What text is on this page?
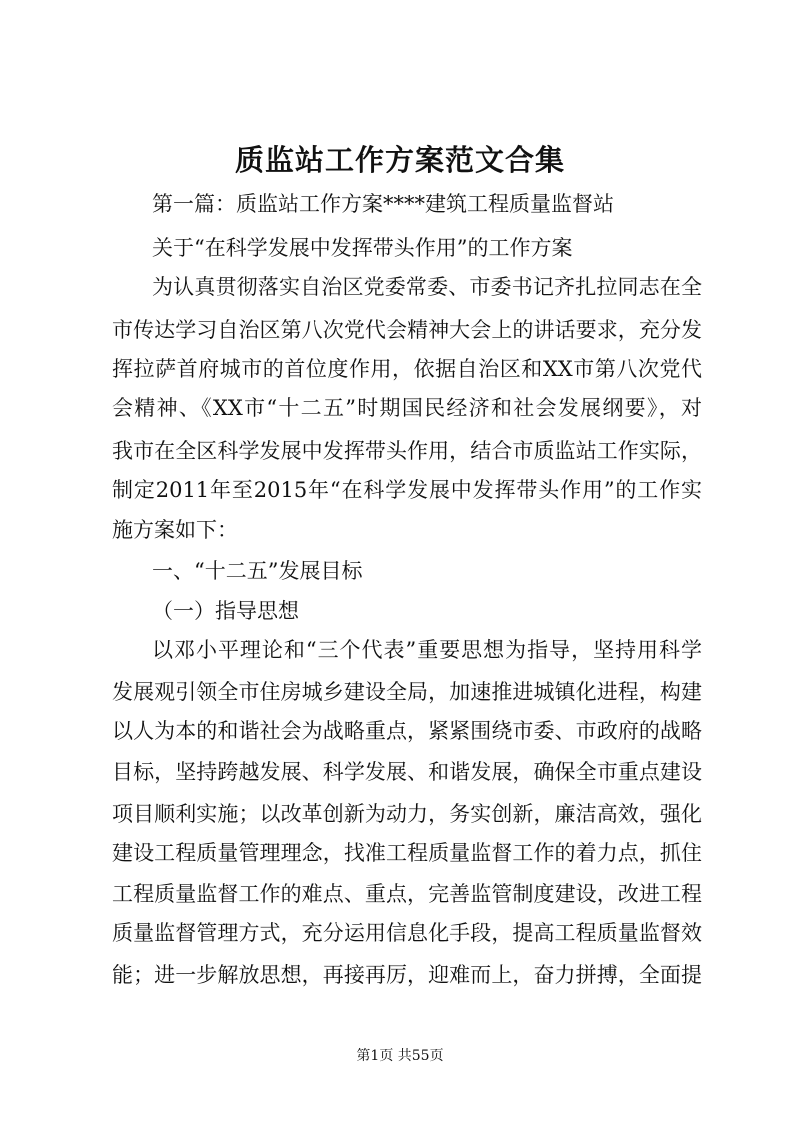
质监站工作方案范文合集
第一篇：质监站工作方案****建筑工程质量监督站
关于“在科学发展中发挥带头作用”的工作方案
为认真贯彻落实自治区党委常委、市委书记齐扎拉同志在全
市传达学习自治区第八次党代会精神大会上的讲话要求，充分发
挥拉萨首府城市的首位度作用，依据自治区和XX市第八次党代
会精神、《XX市“十二五”时期国民经济和社会发展纲要》，对
我市在全区科学发展中发挥带头作用，结合市质监站工作实际，
制定2011年至2015年“在科学发展中发挥带头作用”的工作实
施方案如下：
一、“十二五”发展目标
（一）指导思想
以邓小平理论和“三个代表”重要思想为指导，坚持用科学
发展观引领全市住房城乡建设全局，加速推进城镇化进程，构建
以人为本的和谐社会为战略重点，紧紧围绕市委、市政府的战略
目标，坚持跨越发展、科学发展、和谐发展，确保全市重点建设
项目顺利实施；以改革创新为动力，务实创新，廉洁高效，强化
建设工程质量管理理念，找准工程质量监督工作的着力点，抓住
工程质量监督工作的难点、重点，完善监管制度建设，改进工程
质量监督管理方式，充分运用信息化手段，提高工程质量监督效
能；进一步解放思想，再接再厉，迎难而上，奋力拼搏，全面提
第1页 共55页
